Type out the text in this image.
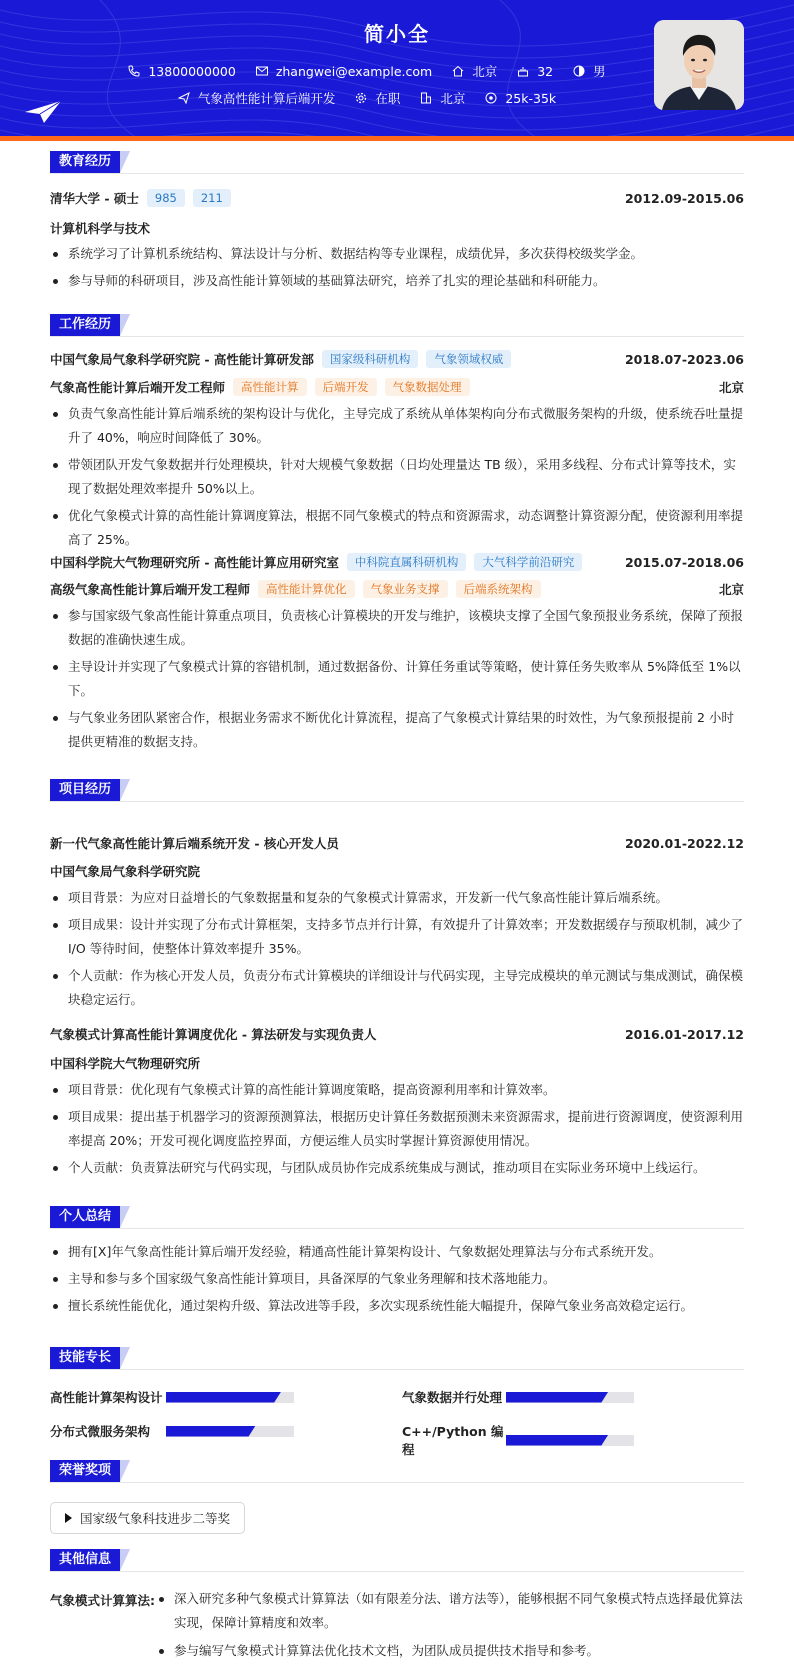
简小全
13800000000	zhangwei@example.com	北京	32	男
气象高性能计算后端开发	在职	北京	25k-35k
教育经历
清华大学 - 硕士	985	211	2012.09-2015.06
计算机科学与技术
系统学习了计算机系统结构、算法设计与分析、数据结构等专业课程，成绩优异，多次获得校级奖学金。
参与导师的科研项目，涉及高性能计算领域的基础算法研究，培养了扎实的理论基础和科研能力。
工作经历
中国气象局气象科学研究院 - 高性能计算研发部	国家级科研机构	气象领域权威	2018.07-2023.06
气象高性能计算后端开发工程师	高性能计算	后端开发	气象数据处理	北京
负责气象高性能计算后端系统的架构设计与优化，主导完成了系统从单体架构向分布式微服务架构的升级，使系统吞吐量提升了 40%，响应时间降低了 30%。
带领团队开发气象数据并行处理模块，针对大规模气象数据（日均处理量达 TB 级），采用多线程、分布式计算等技术，实现了数据处理效率提升 50%以上。
优化气象模式计算的高性能计算调度算法，根据不同气象模式的特点和资源需求，动态调整计算资源分配，使资源利用率提高了 25%。
中国科学院大气物理研究所 - 高性能计算应用研究室	中科院直属科研机构	大气科学前沿研究	2015.07-2018.06
高级气象高性能计算后端开发工程师	高性能计算优化	气象业务支撑	后端系统架构	北京
参与国家级气象高性能计算重点项目，负责核心计算模块的开发与维护，该模块支撑了全国气象预报业务系统，保障了预报数据的准确快速生成。
主导设计并实现了气象模式计算的容错机制，通过数据备份、计算任务重试等策略，使计算任务失败率从 5%降低至 1%以下。
与气象业务团队紧密合作，根据业务需求不断优化计算流程，提高了气象模式计算结果的时效性，为气象预报提前 2 小时提供更精准的数据支持。
项目经历
新一代气象高性能计算后端系统开发 - 核心开发人员	2020.01-2022.12
中国气象局气象科学研究院
项目背景：为应对日益增长的气象数据量和复杂的气象模式计算需求，开发新一代气象高性能计算后端系统。
项目成果：设计并实现了分布式计算框架，支持多节点并行计算，有效提升了计算效率；开发数据缓存与预取机制，减少了 I/O 等待时间，使整体计算效率提升 35%。
个人贡献：作为核心开发人员，负责分布式计算模块的详细设计与代码实现，主导完成模块的单元测试与集成测试，确保模块稳定运行。
气象模式计算高性能计算调度优化 - 算法研发与实现负责人	2016.01-2017.12
中国科学院大气物理研究所
项目背景：优化现有气象模式计算的高性能计算调度策略，提高资源利用率和计算效率。
项目成果：提出基于机器学习的资源预测算法，根据历史计算任务数据预测未来资源需求，提前进行资源调度，使资源利用率提高 20%；开发可视化调度监控界面，方便运维人员实时掌握计算资源使用情况。
个人贡献：负责算法研究与代码实现，与团队成员协作完成系统集成与测试，推动项目在实际业务环境中上线运行。
个人总结
拥有[X]年气象高性能计算后端开发经验，精通高性能计算架构设计、气象数据处理算法与分布式系统开发。
主导和参与多个国家级气象高性能计算项目，具备深厚的气象业务理解和技术落地能力。
擅长系统性能优化，通过架构升级、算法改进等手段，多次实现系统性能大幅提升，保障气象业务高效稳定运行。
技能专长
高性能计算架构设计	气象数据并行处理
分布式微服务架构	C++/Python 编程
荣誉奖项
国家级气象科技进步二等奖
其他信息
气象模式计算算法:	深入研究多种气象模式计算算法（如有限差分法、谱方法等），能够根据不同气象模式特点选择最优算法实现，保障计算精度和效率。
参与编写气象模式计算算法优化技术文档，为团队成员提供技术指导和参考。
